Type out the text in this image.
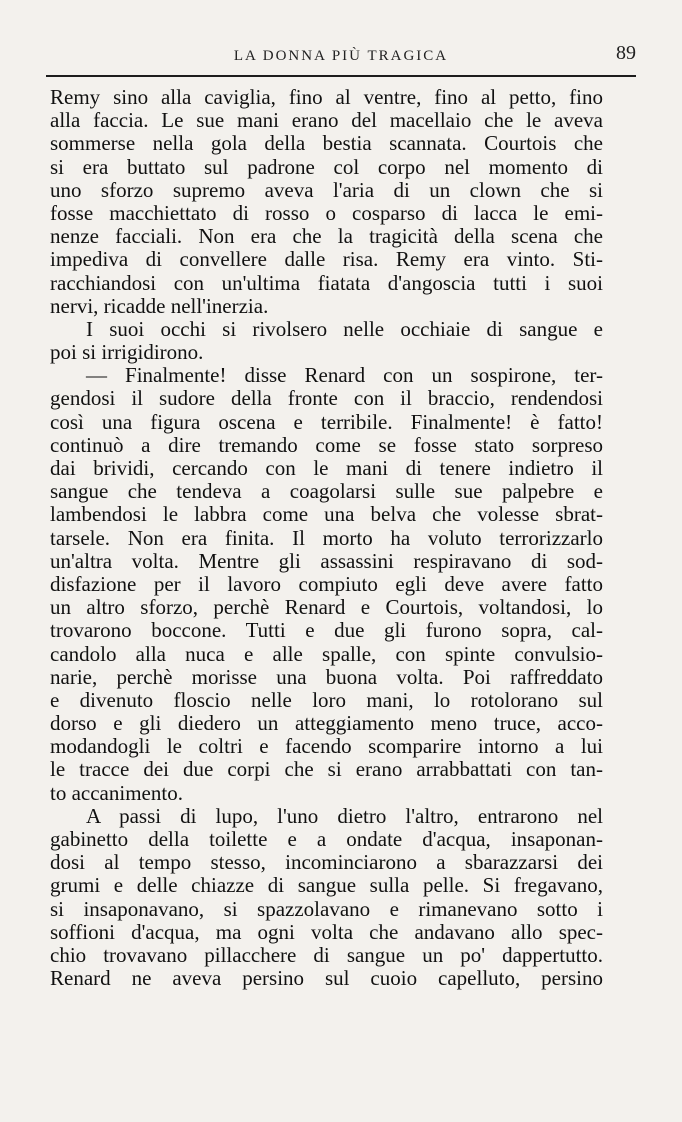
LA DONNA PIÙ TRAGICA	89
Remy sino alla caviglia, fino al ventre, fino al petto, fino
alla faccia. Le sue mani erano del macellaio che le aveva
sommerse nella gola della bestia scannata. Courtois che
si era buttato sul padrone col corpo nel momento di
uno sforzo supremo aveva l'aria di un clown che si
fosse macchiettato di rosso o cosparso di lacca le emi-
nenze facciali. Non era che la tragicità della scena che
impediva di convellere dalle risa. Remy era vinto. Sti-
racchiandosi con un'ultima fiatata d'angoscia tutti i suoi
nervi, ricadde nell'inerzia.
I suoi occhi si rivolsero nelle occhiaie di sangue e
poi si irrigidirono.
— Finalmente! disse Renard con un sospirone, ter-
gendosi il sudore della fronte con il braccio, rendendosi
così una figura oscena e terribile. Finalmente! è fatto!
continuò a dire tremando come se fosse stato sorpreso
dai brividi, cercando con le mani di tenere indietro il
sangue che tendeva a coagolarsi sulle sue palpebre e
lambendosi le labbra come una belva che volesse sbrat-
tarsele. Non era finita. Il morto ha voluto terrorizzarlo
un'altra volta. Mentre gli assassini respiravano di sod-
disfazione per il lavoro compiuto egli deve avere fatto
un altro sforzo, perchè Renard e Courtois, voltandosi, lo
trovarono boccone. Tutti e due gli furono sopra, cal-
candolo alla nuca e alle spalle, con spinte convulsio-
narie, perchè morisse una buona volta. Poi raffreddato
e divenuto floscio nelle loro mani, lo rotolorano sul
dorso e gli diedero un atteggiamento meno truce, acco-
modandogli le coltri e facendo scomparire intorno a lui
le tracce dei due corpi che si erano arrabbattati con tan-
to accanimento.
A passi di lupo, l'uno dietro l'altro, entrarono nel
gabinetto della toilette e a ondate d'acqua, insaponan-
dosi al tempo stesso, incominciarono a sbarazzarsi dei
grumi e delle chiazze di sangue sulla pelle. Si fregavano,
si insaponavano, si spazzolavano e rimanevano sotto i
soffioni d'acqua, ma ogni volta che andavano allo spec-
chio trovavano pillacchere di sangue un po' dappertutto.
Renard ne aveva persino sul cuoio capelluto, persino
